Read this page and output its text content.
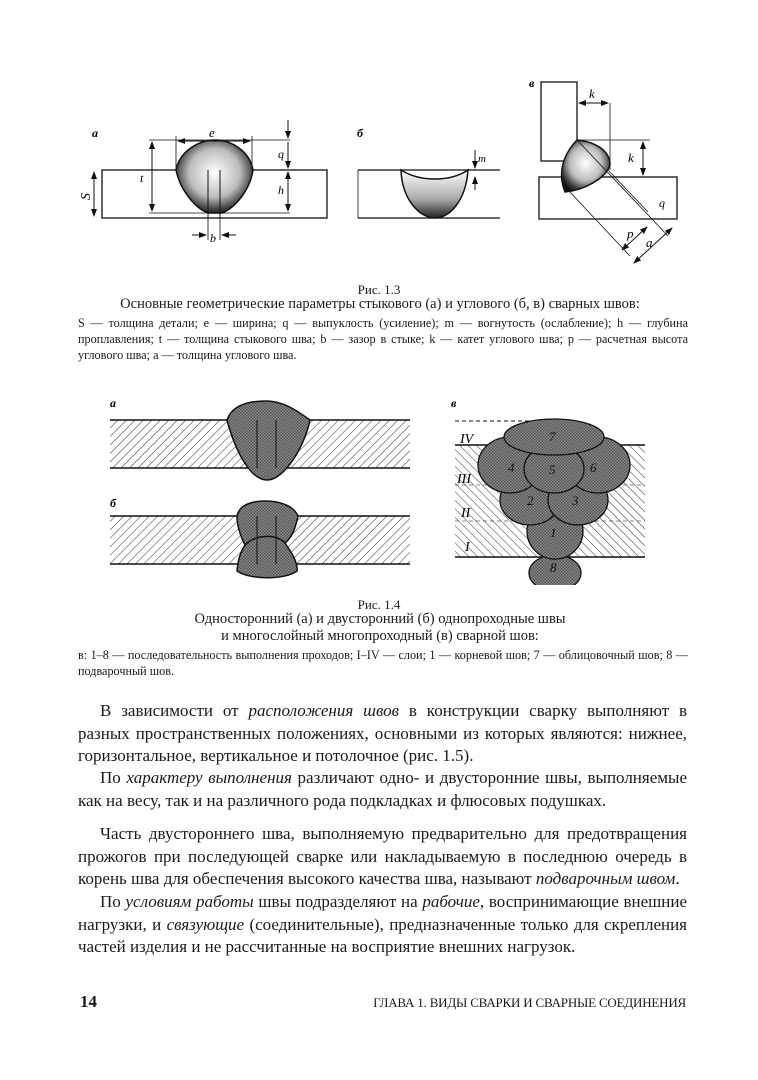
а	e
S
t
q
h
b
б
m
в
k
k
p
a
q
Рис. 1.3
Основные геометрические параметры стыкового (а) и углового (б, в) сварных швов:
S — толщина детали; e — ширина; q — выпуклость (усиление); m — вогнутость (ослабление); h — глубина проплавления; t — толщина стыкового шва; b — зазор в стыке; k — катет углового шва; p — расчетная высота углового шва; a — толщина углового шва.
а
б
в
IV
III
II
I
7
4	5	6
2	3
1
8
Рис. 1.4
Односторонний (а) и двусторонний (б) однопроходные швы
и многослойный многопроходный (в) сварной шов:
в: 1–8 — последовательность выполнения проходов; I–IV — слои; 1 — корневой шов; 7 — облицовочный шов; 8 — подварочный шов.
В зависимости от расположения швов в конструкции сварку выполняют в разных пространственных положениях, основными из которых являются: нижнее, горизонтальное, вертикальное и потолочное (рис. 1.5).
По характеру выполнения различают одно- и двусторонние швы, выполняемые как на весу, так и на различного рода подкладках и флюсовых подушках.
Часть двустороннего шва, выполняемую предварительно для предотвращения прожогов при последующей сварке или накладываемую в последнюю очередь в корень шва для обеспечения высокого качества шва, называют подварочным швом.
По условиям работы швы подразделяют на рабочие, воспринимающие внешние нагрузки, и связующие (соединительные), предназначенные только для скрепления частей изделия и не рассчитанные на восприятие внешних нагрузок.
14	ГЛАВА 1. ВИДЫ СВАРКИ И СВАРНЫЕ СОЕДИНЕНИЯ
